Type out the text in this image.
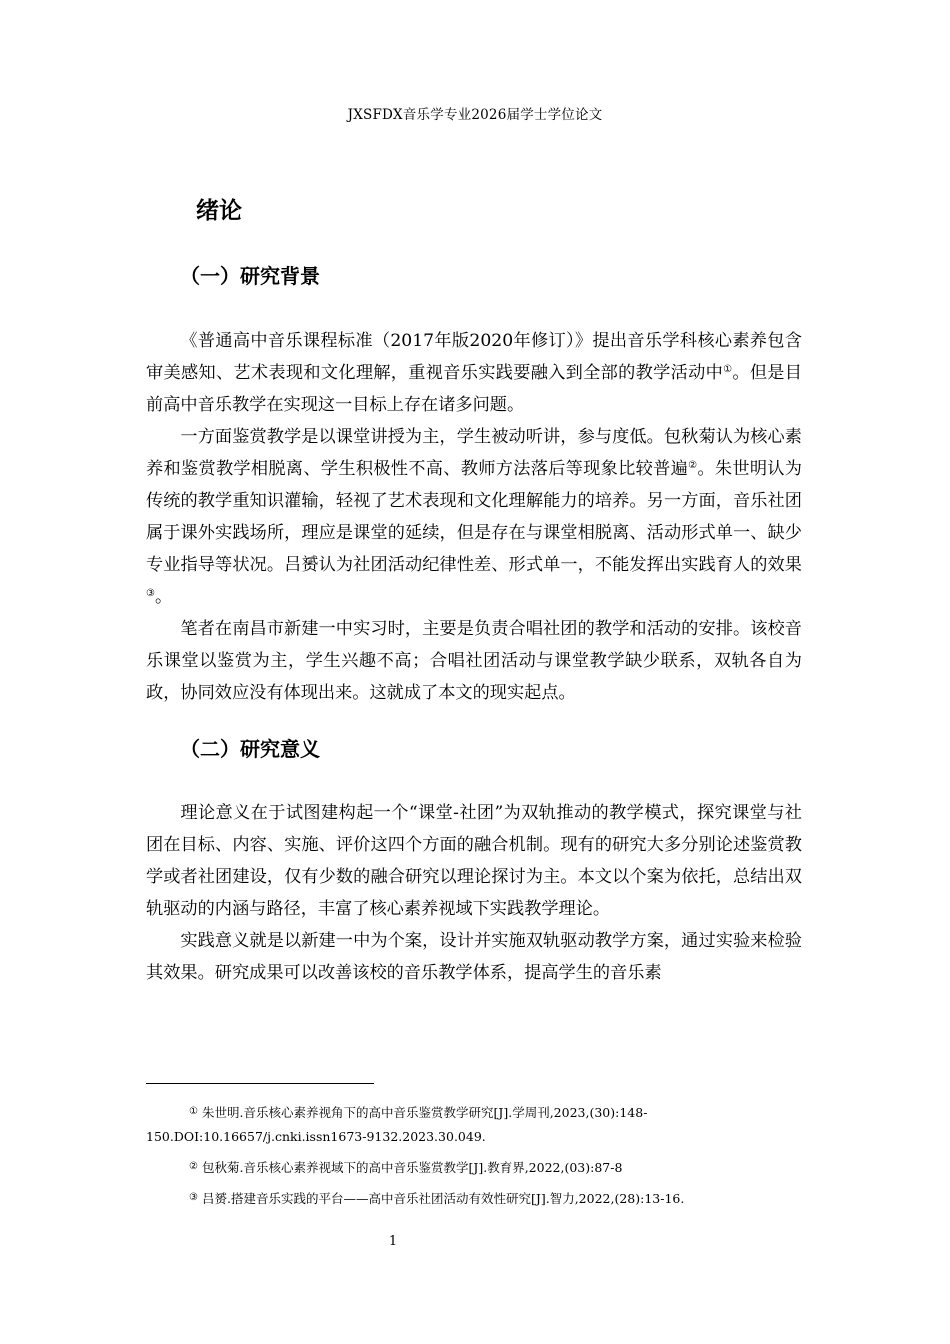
JXSFDX音乐学专业2026届学士学位论文
绪论
（一）研究背景

《普通高中音乐课程标准（2017年版2020年修订）》提出音乐学科核心素养包含审美感知、艺术表现和文化理解，重视音乐实践要融入到全部的教学活动中①。但是目前高中音乐教学在实现这一目标上存在诸多问题。

一方面鉴赏教学是以课堂讲授为主，学生被动听讲，参与度低。包秋菊认为核心素养和鉴赏教学相脱离、学生积极性不高、教师方法落后等现象比较普遍②。朱世明认为传统的教学重知识灌输，轻视了艺术表现和文化理解能力的培养。另一方面，音乐社团属于课外实践场所，理应是课堂的延续，但是存在与课堂相脱离、活动形式单一、缺少专业指导等状况。吕赟认为社团活动纪律性差、形式单一，不能发挥出实践育人的效果③。

笔者在南昌市新建一中实习时，主要是负责合唱社团的教学和活动的安排。该校音乐课堂以鉴赏为主，学生兴趣不高；合唱社团活动与课堂教学缺少联系，双轨各自为政，协同效应没有体现出来。这就成了本文的现实起点。

（二）研究意义

理论意义在于试图建构起一个“课堂-社团”为双轨推动的教学模式，探究课堂与社团在目标、内容、实施、评价这四个方面的融合机制。现有的研究大多分别论述鉴赏教学或者社团建设，仅有少数的融合研究以理论探讨为主。本文以个案为依托，总结出双轨驱动的内涵与路径，丰富了核心素养视域下实践教学理论。

实践意义就是以新建一中为个案，设计并实施双轨驱动教学方案，通过实验来检验其效果。研究成果可以改善该校的音乐教学体系，提高学生的音乐素

① 朱世明.音乐核心素养视角下的高中音乐鉴赏教学研究[J].学周刊,2023,(30):148-
150.DOI:10.16657/j.cnki.issn1673-9132.2023.30.049.
② 包秋菊.音乐核心素养视域下的高中音乐鉴赏教学[J].教育界,2022,(03):87-8
③ 吕赟.搭建音乐实践的平台——高中音乐社团活动有效性研究[J].智力,2022,(28):13-16.
1
